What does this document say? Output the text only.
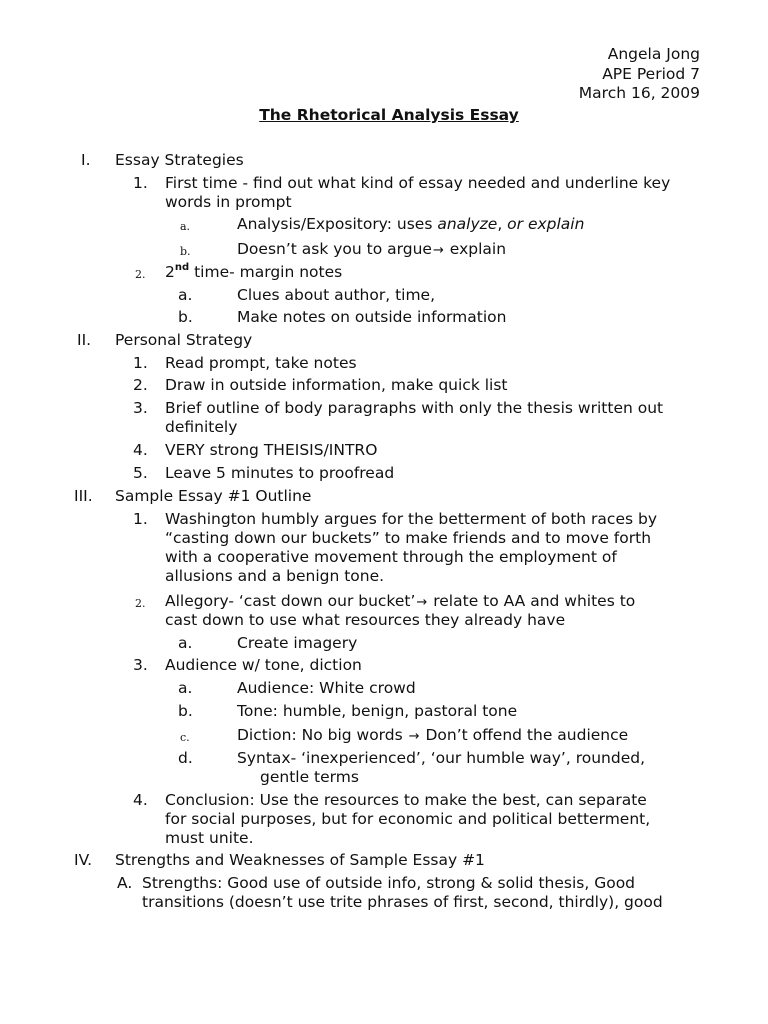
Angela Jong
APE Period 7
March 16, 2009
The Rhetorical Analysis Essay
I. Essay Strategies
1. First time - find out what kind of essay needed and underline key
words in prompt
a.	Analysis/Expository: uses analyze, or explain
b.	Doesn’t ask you to argue→ explain
2. 2nd time- margin notes
a.	Clues about author, time,
b.	Make notes on outside information
II. Personal Strategy
1. Read prompt, take notes
2. Draw in outside information, make quick list
3. Brief outline of body paragraphs with only the thesis written out
definitely
4. VERY strong THEISIS/INTRO
5. Leave 5 minutes to proofread
III. Sample Essay #1 Outline
1. Washington humbly argues for the betterment of both races by
“casting down our buckets” to make friends and to move forth
with a cooperative movement through the employment of
allusions and a benign tone.
2. Allegory- ‘cast down our bucket’→ relate to AA and whites to
cast down to use what resources they already have
a.	Create imagery
3. Audience w/ tone, diction
a.	Audience: White crowd
b.	Tone: humble, benign, pastoral tone
c.	Diction: No big words → Don’t offend the audience
d.	Syntax- ‘inexperienced’, ‘our humble way’, rounded,
gentle terms
4. Conclusion: Use the resources to make the best, can separate
for social purposes, but for economic and political betterment,
must unite.
IV. Strengths and Weaknesses of Sample Essay #1
A. Strengths: Good use of outside info, strong & solid thesis, Good
transitions (doesn’t use trite phrases of first, second, thirdly), good
